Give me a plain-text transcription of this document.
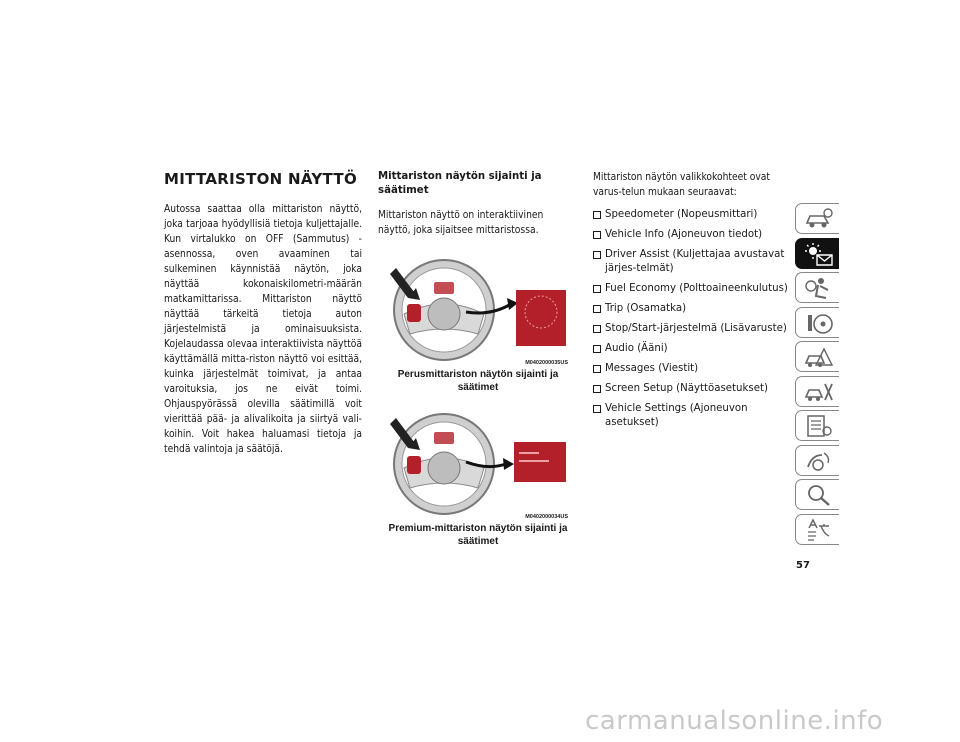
MITTARISTON NÄYTTÖ

Autossa saattaa olla mittariston näyttö, joka tarjoaa hyödyllisiä tietoja kuljettajalle. Kun virtalukko on OFF (Sammutus) -asennossa, oven avaaminen tai sulkeminen käynnistää näytön, joka näyttää kokonaiskilometri-määrän matkamittarissa. Mittariston näyttö näyttää tärkeitä tietoja auton järjestelmistä ja ominaisuuksista. Kojelaudassa olevaa interaktiivista näyttöä käyttämällä mitta-riston näyttö voi esittää, kuinka järjestelmät toimivat, ja antaa varoituksia, jos ne eivät toimi. Ohjauspyörässä olevilla säätimillä voit vierittää pää- ja alivalikoita ja siirtyä vali-koihin. Voit hakea haluamasi tietoja ja tehdä valintoja ja säätöjä.

Mittariston näytön sijainti ja säätimet

Mittariston näyttö on interaktiivinen näyttö, joka sijaitsee mittaristossa.

M0402000035US

Perusmittariston näytön sijainti ja säätimet

M0402000034US

Premium-mittariston näytön sijainti ja säätimet

Mittariston näytön valikkokohteet ovat varus-telun mukaan seuraavat:

Speedometer (Nopeusmittari)
Vehicle Info (Ajoneuvon tiedot)
Driver Assist (Kuljettajaa avustavat järjes-telmät)
Fuel Economy (Polttoaineenkulutus)
Trip (Osamatka)
Stop/Start-järjestelmä (Lisävaruste)
Audio (Ääni)
Messages (Viestit)
Screen Setup (Näyttöasetukset)
Vehicle Settings (Ajoneuvon asetukset)
57
carmanualsonline.info
